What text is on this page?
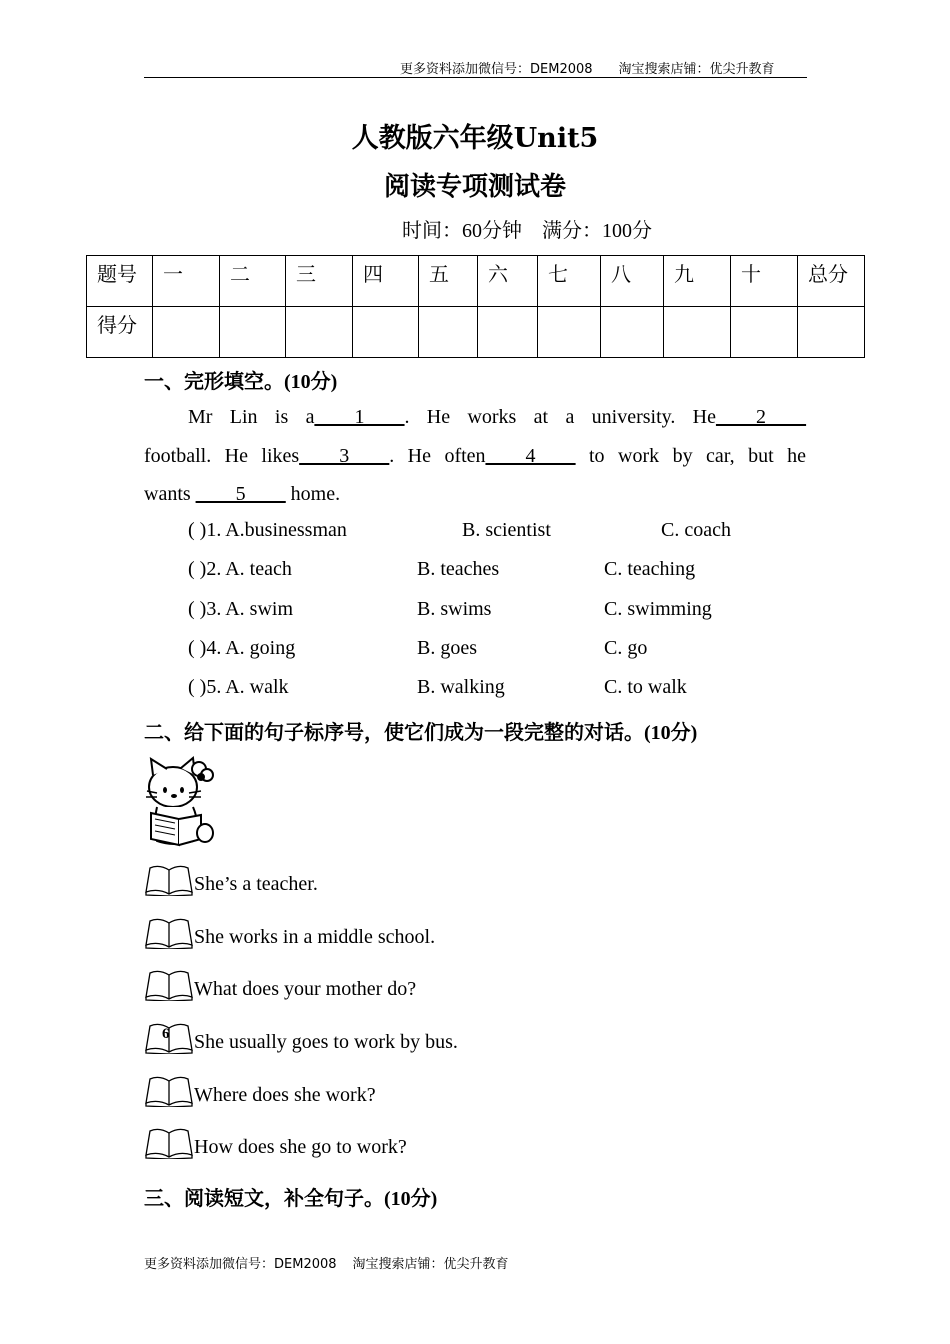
更多资料添加微信号：DEM2008 淘宝搜索店铺：优尖升教育
人教版六年级Unit5
阅读专项测试卷
时间：60分钟 满分：100分
题号	一	二	三	四	五	六	七	八	九	十	总分
得分											
一、完形填空。(10分)
Mr Lin is a____1____. He works at a university. He____2____
football. He likes____3____. He often____4____ to work by car, but he
wants ____5____ home.
( )1. A.businessman	B. scientist	C. coach
( )2. A. teach	B. teaches	C. teaching
( )3. A. swim	B. swims	C. swimming
( )4. A. going	B. goes	C. go
( )5. A. walk	B. walking	C. to walk
二、给下面的句子标序号，使它们成为一段完整的对话。(10分)
She’s a teacher.
She works in a middle school.
What does your mother do?
6 She usually goes to work by bus.
Where does she work?
How does she go to work?
三、阅读短文，补全句子。(10分)
更多资料添加微信号：DEM2008 淘宝搜索店铺：优尖升教育
